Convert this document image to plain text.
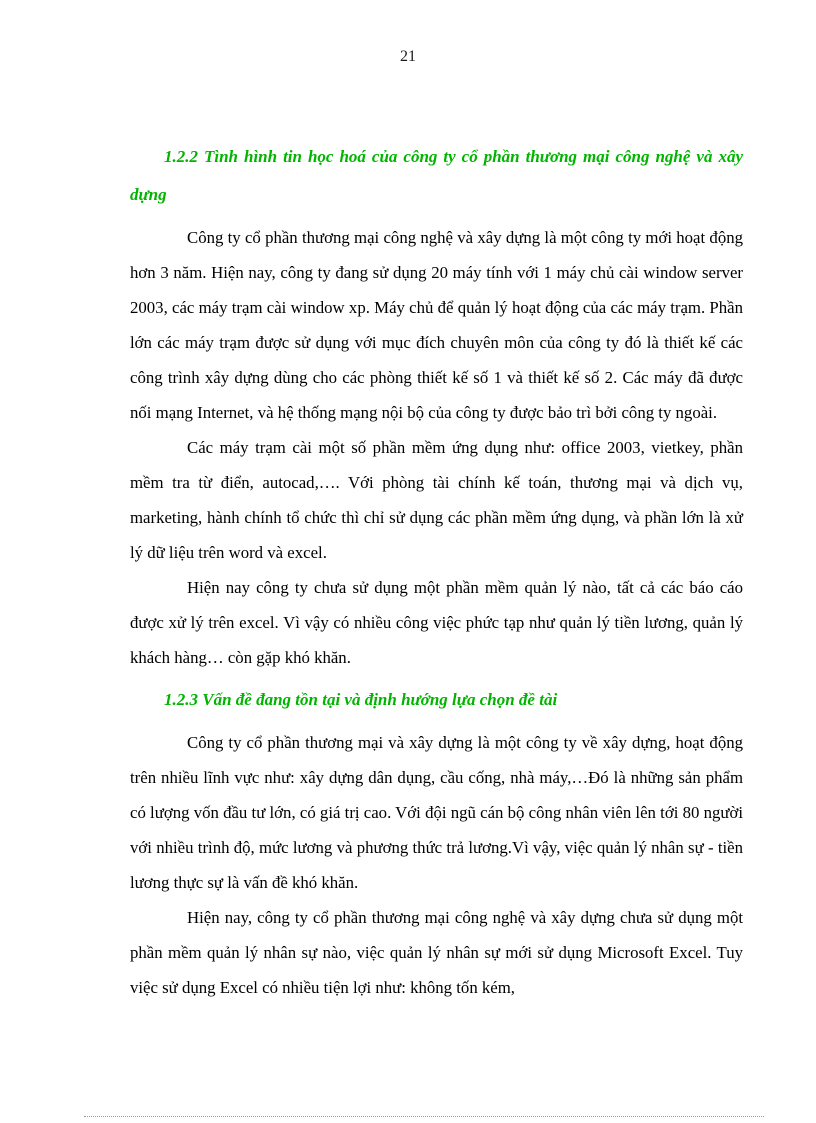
21
1.2.2 Tình hình tin học hoá của công ty cổ phần thương mại công nghệ và xây dựng

Công ty cổ phần thương mại công nghệ và xây dựng là một công ty mới hoạt động hơn 3 năm. Hiện nay, công ty đang sử dụng 20 máy tính với 1 máy chủ cài window server 2003, các máy trạm cài window xp. Máy chủ để quản lý hoạt động của các máy trạm. Phần lớn các máy trạm được sử dụng với mục đích chuyên môn của công ty đó là thiết kế các công trình xây dựng dùng cho các phòng thiết kế số 1 và thiết kế số 2. Các máy đã được nối mạng Internet, và hệ thống mạng nội bộ của công ty được bảo trì bởi công ty ngoài.

Các máy trạm cài một số phần mềm ứng dụng như: office 2003, vietkey, phần mềm tra từ điển, autocad,…. Với phòng tài chính kế toán, thương mại và dịch vụ, marketing, hành chính tổ chức thì chỉ sử dụng các phần mềm ứng dụng, và phần lớn là xử lý dữ liệu trên word và excel.

Hiện nay công ty chưa sử dụng một phần mềm quản lý nào, tất cả các báo cáo được xử lý trên excel. Vì vậy có nhiều công việc phức tạp như quản lý tiền lương, quản lý khách hàng… còn gặp khó khăn.

1.2.3 Vấn đề đang tồn tại và định hướng lựa chọn đề tài

Công ty cổ phần thương mại và xây dựng là một công ty về xây dựng, hoạt động trên nhiều lĩnh vực như: xây dựng dân dụng, cầu cống, nhà máy,…Đó là những sản phẩm có lượng vốn đầu tư lớn, có giá trị cao. Với đội ngũ cán bộ công nhân viên lên tới 80 người với nhiều trình độ, mức lương và phương thức trả lương.Vì vậy, việc quản lý nhân sự - tiền lương thực sự là vấn đề khó khăn.

Hiện nay, công ty cổ phần thương mại công nghệ và xây dựng chưa sử dụng một phần mềm quản lý nhân sự nào, việc quản lý nhân sự mới sử dụng Microsoft Excel. Tuy việc sử dụng Excel có nhiều tiện lợi như: không tốn kém,
